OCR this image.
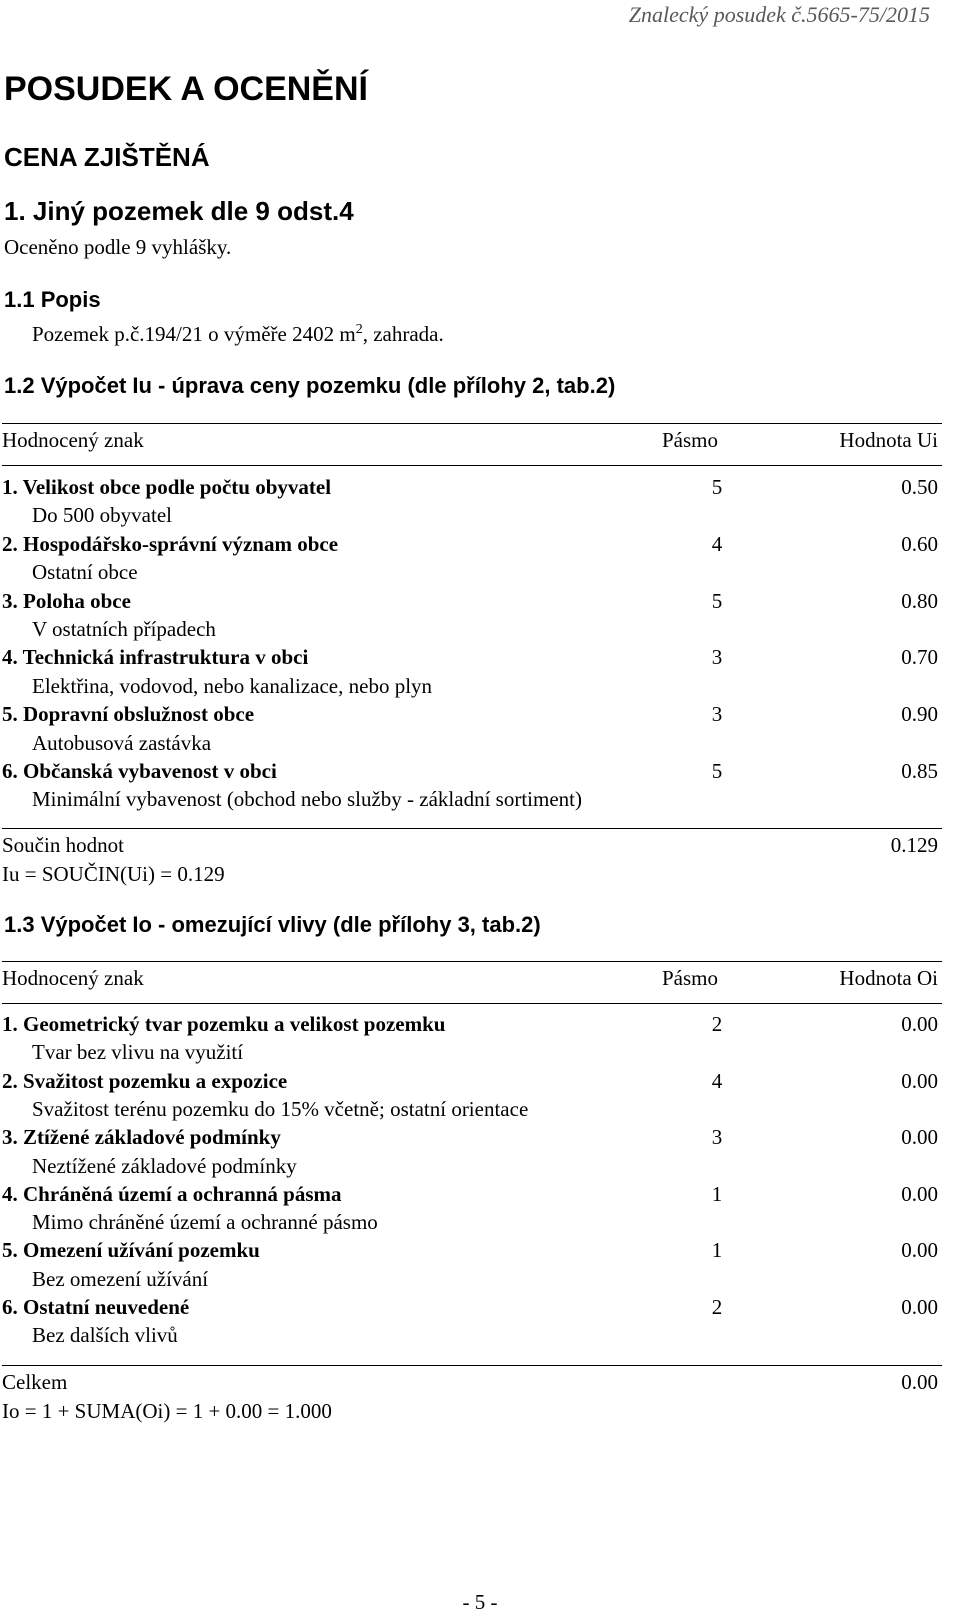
Znalecký posudek č.5665-75/2015
POSUDEK A OCENĚNÍ
CENA ZJIŠTĚNÁ
1. Jiný pozemek dle 9 odst.4
Oceněno podle 9 vyhlášky.
1.1 Popis
Pozemek p.č.194/21 o výměře 2402 $m^2$, zahrada.
1.2 Výpočet Iu - úprava ceny pozemku (dle přílohy 2, tab.2)
Hodnocený znak	Pásmo	Hodnota Ui
1. Velikost obce podle počtu obyvatel	5	0.50
Do 500 obyvatel
2. Hospodářsko-správní význam obce	4	0.60
Ostatní obce
3. Poloha obce	5	0.80
V ostatních případech
4. Technická infrastruktura v obci	3	0.70
Elektřina, vodovod, nebo kanalizace, nebo plyn
5. Dopravní obslužnost obce	3	0.90
Autobusová zastávka
6. Občanská vybavenost v obci	5	0.85
Minimální vybavenost (obchod nebo služby - základní sortiment)
Součin hodnot	0.129
Iu = SOUČIN(Ui) = 0.129
1.3 Výpočet Io - omezující vlivy (dle přílohy 3, tab.2)
Hodnocený znak	Pásmo	Hodnota Oi
1. Geometrický tvar pozemku a velikost pozemku	2	0.00
Tvar bez vlivu na využití
2. Svažitost pozemku a expozice	4	0.00
Svažitost terénu pozemku do 15% včetně; ostatní orientace
3. Ztížené základové podmínky	3	0.00
Neztížené základové podmínky
4. Chráněná území a ochranná pásma	1	0.00
Mimo chráněné území a ochranné pásmo
5. Omezení užívání pozemku	1	0.00
Bez omezení užívání
6. Ostatní neuvedené	2	0.00
Bez dalších vlivů
Celkem	0.00
Io = 1 + SUMA(Oi) = 1 + 0.00 = 1.000
- 5 -
